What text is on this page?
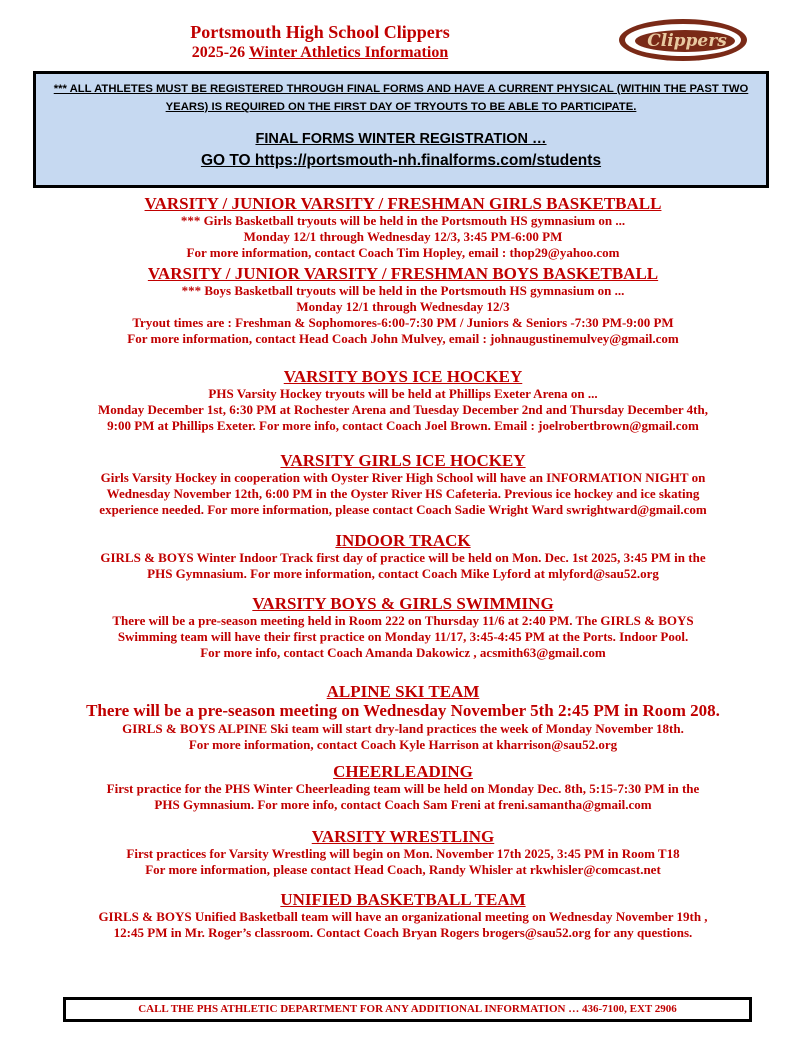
Portsmouth High School Clippers
2025-26 Winter Athletics Information
Clippers
*** ALL ATHLETES MUST BE REGISTERED THROUGH FINAL FORMS AND HAVE A CURRENT PHYSICAL (WITHIN THE PAST TWO YEARS) IS REQUIRED ON THE FIRST DAY OF TRYOUTS TO BE ABLE TO PARTICIPATE.
FINAL FORMS WINTER REGISTRATION …
GO TO https://portsmouth-nh.finalforms.com/students
VARSITY / JUNIOR VARSITY / FRESHMAN GIRLS BASKETBALL

*** Girls Basketball tryouts will be held in the Portsmouth HS gymnasium on ...

Monday 12/1 through Wednesday 12/3, 3:45 PM-6:00 PM

For more information, contact Coach Tim Hopley, email : thop29@yahoo.com

VARSITY / JUNIOR VARSITY / FRESHMAN BOYS BASKETBALL

*** Boys Basketball tryouts will be held in the Portsmouth HS gymnasium on ...

Monday 12/1 through Wednesday 12/3

Tryout times are : Freshman & Sophomores-6:00-7:30 PM / Juniors & Seniors -7:30 PM-9:00 PM

For more information, contact Head Coach John Mulvey, email : johnaugustinemulvey@gmail.com

VARSITY BOYS ICE HOCKEY

PHS Varsity Hockey tryouts will be held at Phillips Exeter Arena on ...

Monday December 1st, 6:30 PM at Rochester Arena and Tuesday December 2nd and Thursday December 4th,

9:00 PM at Phillips Exeter. For more info, contact Coach Joel Brown. Email : joelrobertbrown@gmail.com

VARSITY GIRLS ICE HOCKEY

Girls Varsity Hockey in cooperation with Oyster River High School will have an INFORMATION NIGHT on

Wednesday November 12th, 6:00 PM in the Oyster River HS Cafeteria. Previous ice hockey and ice skating

experience needed. For more information, please contact Coach Sadie Wright Ward swrightward@gmail.com

INDOOR TRACK

GIRLS & BOYS Winter Indoor Track first day of practice will be held on Mon. Dec. 1st 2025, 3:45 PM in the

PHS Gymnasium. For more information, contact Coach Mike Lyford at mlyford@sau52.org

VARSITY BOYS & GIRLS SWIMMING

There will be a pre-season meeting held in Room 222 on Thursday 11/6 at 2:40 PM. The GIRLS & BOYS

Swimming team will have their first practice on Monday 11/17, 3:45-4:45 PM at the Ports. Indoor Pool.

For more info, contact Coach Amanda Dakowicz , acsmith63@gmail.com

ALPINE SKI TEAM

There will be a pre-season meeting on Wednesday November 5th 2:45 PM in Room 208.

GIRLS & BOYS ALPINE Ski team will start dry-land practices the week of Monday November 18th.

For more information, contact Coach Kyle Harrison at kharrison@sau52.org

CHEERLEADING

First practice for the PHS Winter Cheerleading team will be held on Monday Dec. 8th, 5:15-7:30 PM in the

PHS Gymnasium. For more info, contact Coach Sam Freni at freni.samantha@gmail.com

VARSITY WRESTLING

First practices for Varsity Wrestling will begin on Mon. November 17th 2025, 3:45 PM in Room T18

For more information, please contact Head Coach, Randy Whisler at rkwhisler@comcast.net

UNIFIED BASKETBALL TEAM

GIRLS & BOYS Unified Basketball team will have an organizational meeting on Wednesday November 19th ,

12:45 PM in Mr. Roger’s classroom. Contact Coach Bryan Rogers brogers@sau52.org for any questions.

CALL THE PHS ATHLETIC DEPARTMENT FOR ANY ADDITIONAL INFORMATION … 436-7100, EXT 2906
